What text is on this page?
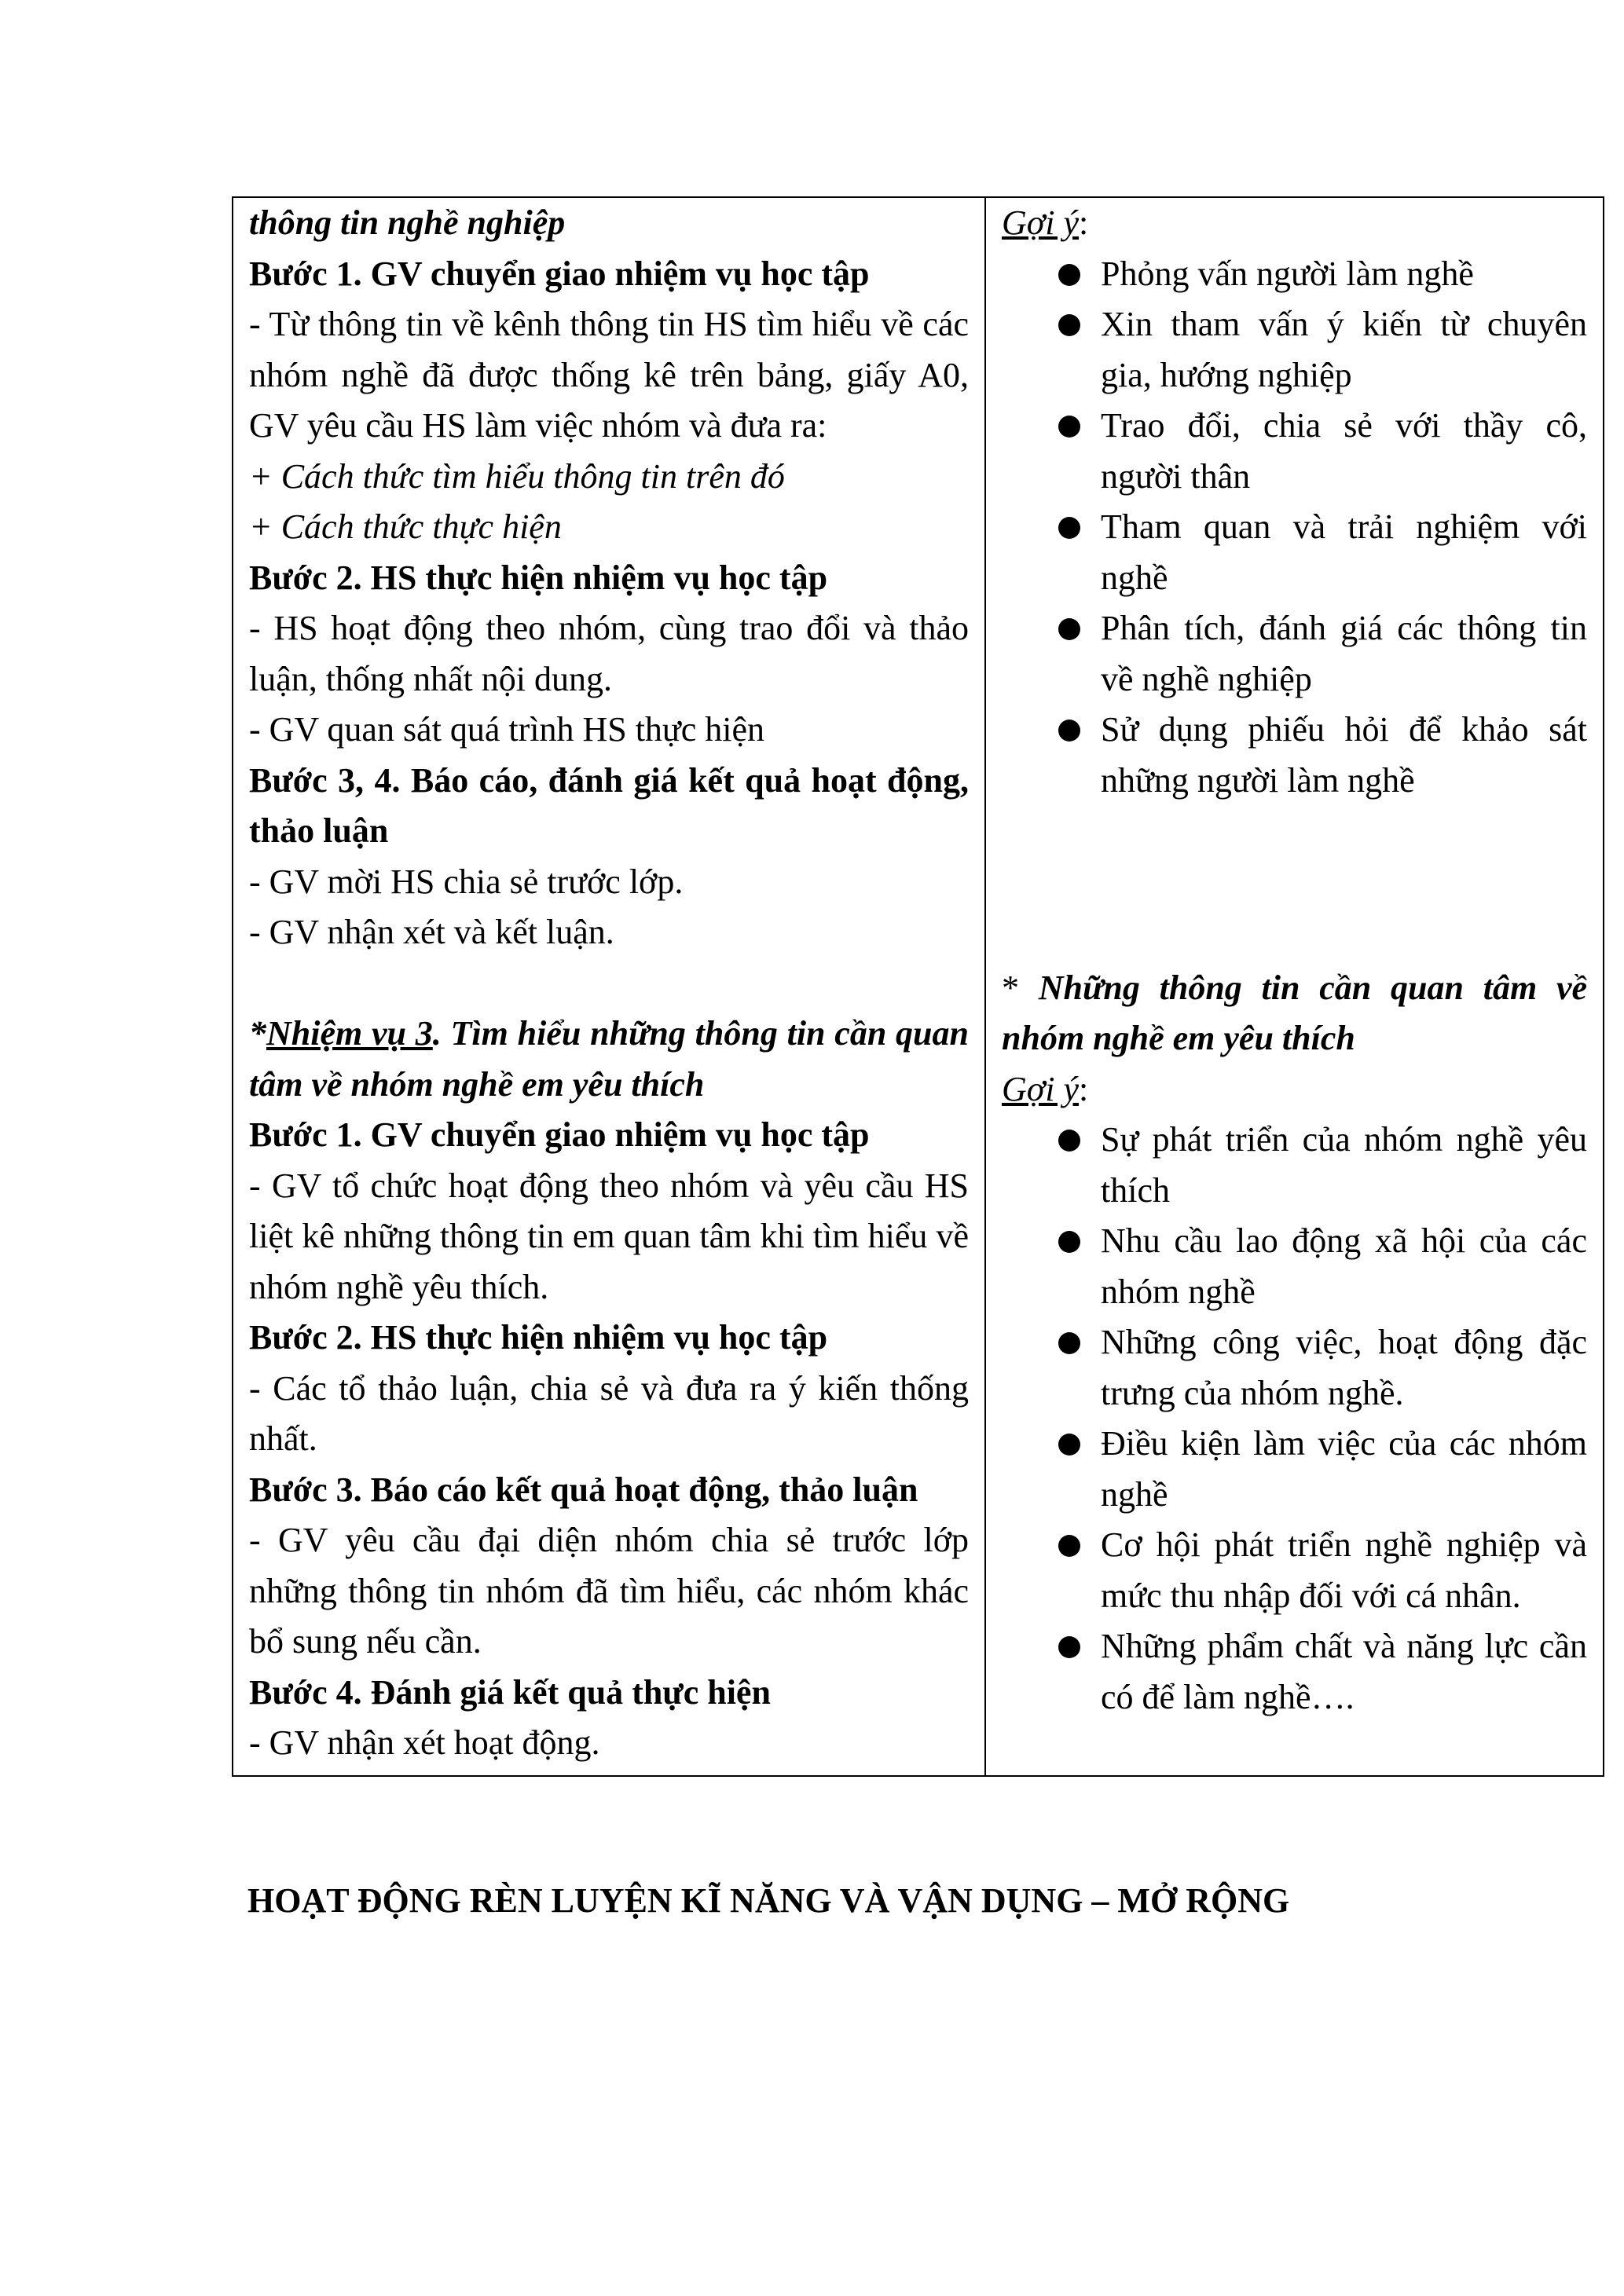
thông tin nghề nghiệp
Bước 1. GV chuyển giao nhiệm vụ học tập
- Từ thông tin về kênh thông tin HS tìm hiểu về các nhóm nghề đã được thống kê trên bảng, giấy A0, GV yêu cầu HS làm việc nhóm và đưa ra:
+ Cách thức tìm hiểu thông tin trên đó
+ Cách thức thực hiện
Bước 2. HS thực hiện nhiệm vụ học tập
- HS hoạt động theo nhóm, cùng trao đổi và thảo luận, thống nhất nội dung.
- GV quan sát quá trình HS thực hiện
Bước 3, 4. Báo cáo, đánh giá kết quả hoạt động, thảo luận
- GV mời HS chia sẻ trước lớp.
- GV nhận xét và kết luận.
*Nhiệm vụ 3. Tìm hiểu những thông tin cần quan tâm về nhóm nghề em yêu thích
Bước 1. GV chuyển giao nhiệm vụ học tập
- GV tổ chức hoạt động theo nhóm và yêu cầu HS liệt kê những thông tin em quan tâm khi tìm hiểu về nhóm nghề yêu thích.
Bước 2. HS thực hiện nhiệm vụ học tập
- Các tổ thảo luận, chia sẻ và đưa ra ý kiến thống nhất.
Bước 3. Báo cáo kết quả hoạt động, thảo luận
- GV yêu cầu đại diện nhóm chia sẻ trước lớp những thông tin nhóm đã tìm hiểu, các nhóm khác bổ sung nếu cần.
Bước 4. Đánh giá kết quả thực hiện
- GV nhận xét hoạt động.

Gợi ý:
Phỏng vấn người làm nghề
Xin tham vấn ý kiến từ chuyên gia, hướng nghiệp
Trao đổi, chia sẻ với thầy cô, người thân
Tham quan và trải nghiệm với nghề
Phân tích, đánh giá các thông tin về nghề nghiệp
Sử dụng phiếu hỏi để khảo sát những người làm nghề
* Những thông tin cần quan tâm về nhóm nghề em yêu thích
Gợi ý:
Sự phát triển của nhóm nghề yêu thích
Nhu cầu lao động xã hội của các nhóm nghề
Những công việc, hoạt động đặc trưng của nhóm nghề.
Điều kiện làm việc của các nhóm nghề
Cơ hội phát triển nghề nghiệp và mức thu nhập đối với cá nhân.
Những phẩm chất và năng lực cần có để làm nghề….
HOẠT ĐỘNG RÈN LUYỆN KĨ NĂNG VÀ VẬN DỤNG – MỞ RỘNG
